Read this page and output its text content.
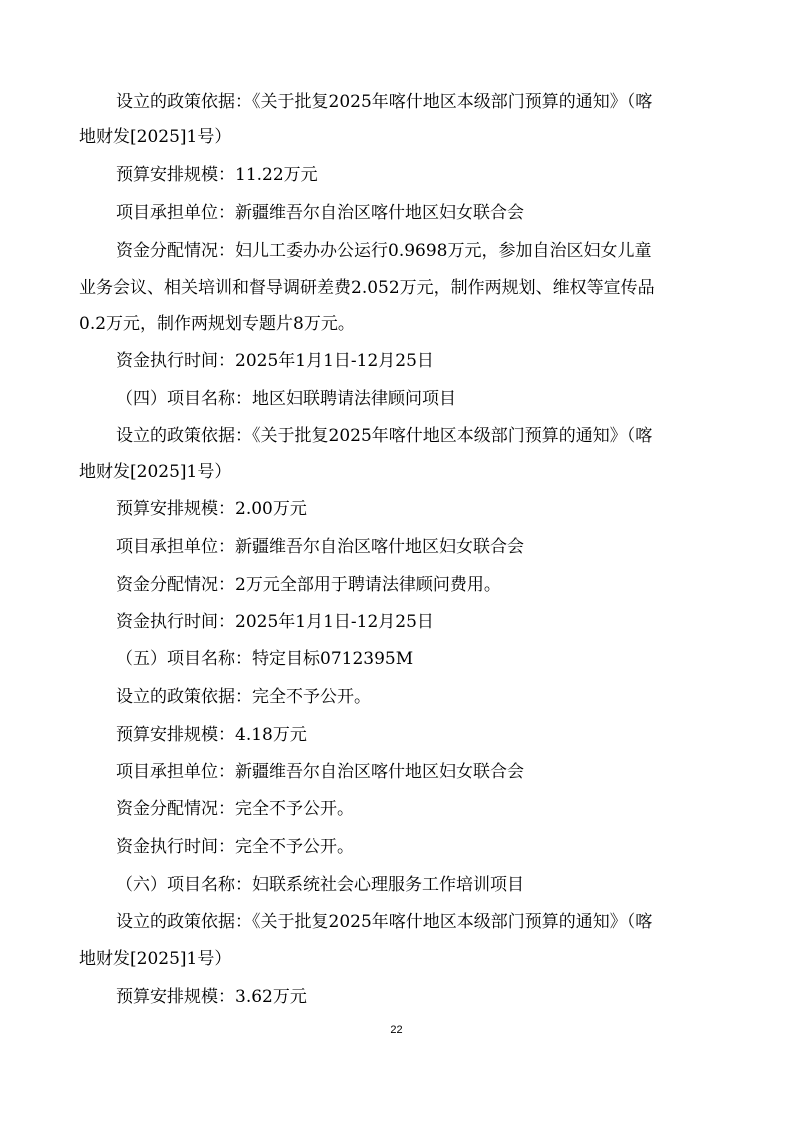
设立的政策依据：《关于批复2025年喀什地区本级部门预算的通知》（喀

地财发[2025]1号）

预算安排规模：11.22万元

项目承担单位：新疆维吾尔自治区喀什地区妇女联合会

资金分配情况：妇儿工委办办公运行0.9698万元，参加自治区妇女儿童

业务会议、相关培训和督导调研差费2.052万元，制作两规划、维权等宣传品

0.2万元，制作两规划专题片8万元。

资金执行时间：2025年1月1日-12月25日

（四）项目名称：地区妇联聘请法律顾问项目

设立的政策依据：《关于批复2025年喀什地区本级部门预算的通知》（喀

地财发[2025]1号）

预算安排规模：2.00万元

项目承担单位：新疆维吾尔自治区喀什地区妇女联合会

资金分配情况：2万元全部用于聘请法律顾问费用。

资金执行时间：2025年1月1日-12月25日

（五）项目名称：特定目标0712395M

设立的政策依据：完全不予公开。

预算安排规模：4.18万元

项目承担单位：新疆维吾尔自治区喀什地区妇女联合会

资金分配情况：完全不予公开。

资金执行时间：完全不予公开。

（六）项目名称：妇联系统社会心理服务工作培训项目

设立的政策依据：《关于批复2025年喀什地区本级部门预算的通知》（喀

地财发[2025]1号）

预算安排规模：3.62万元

22
